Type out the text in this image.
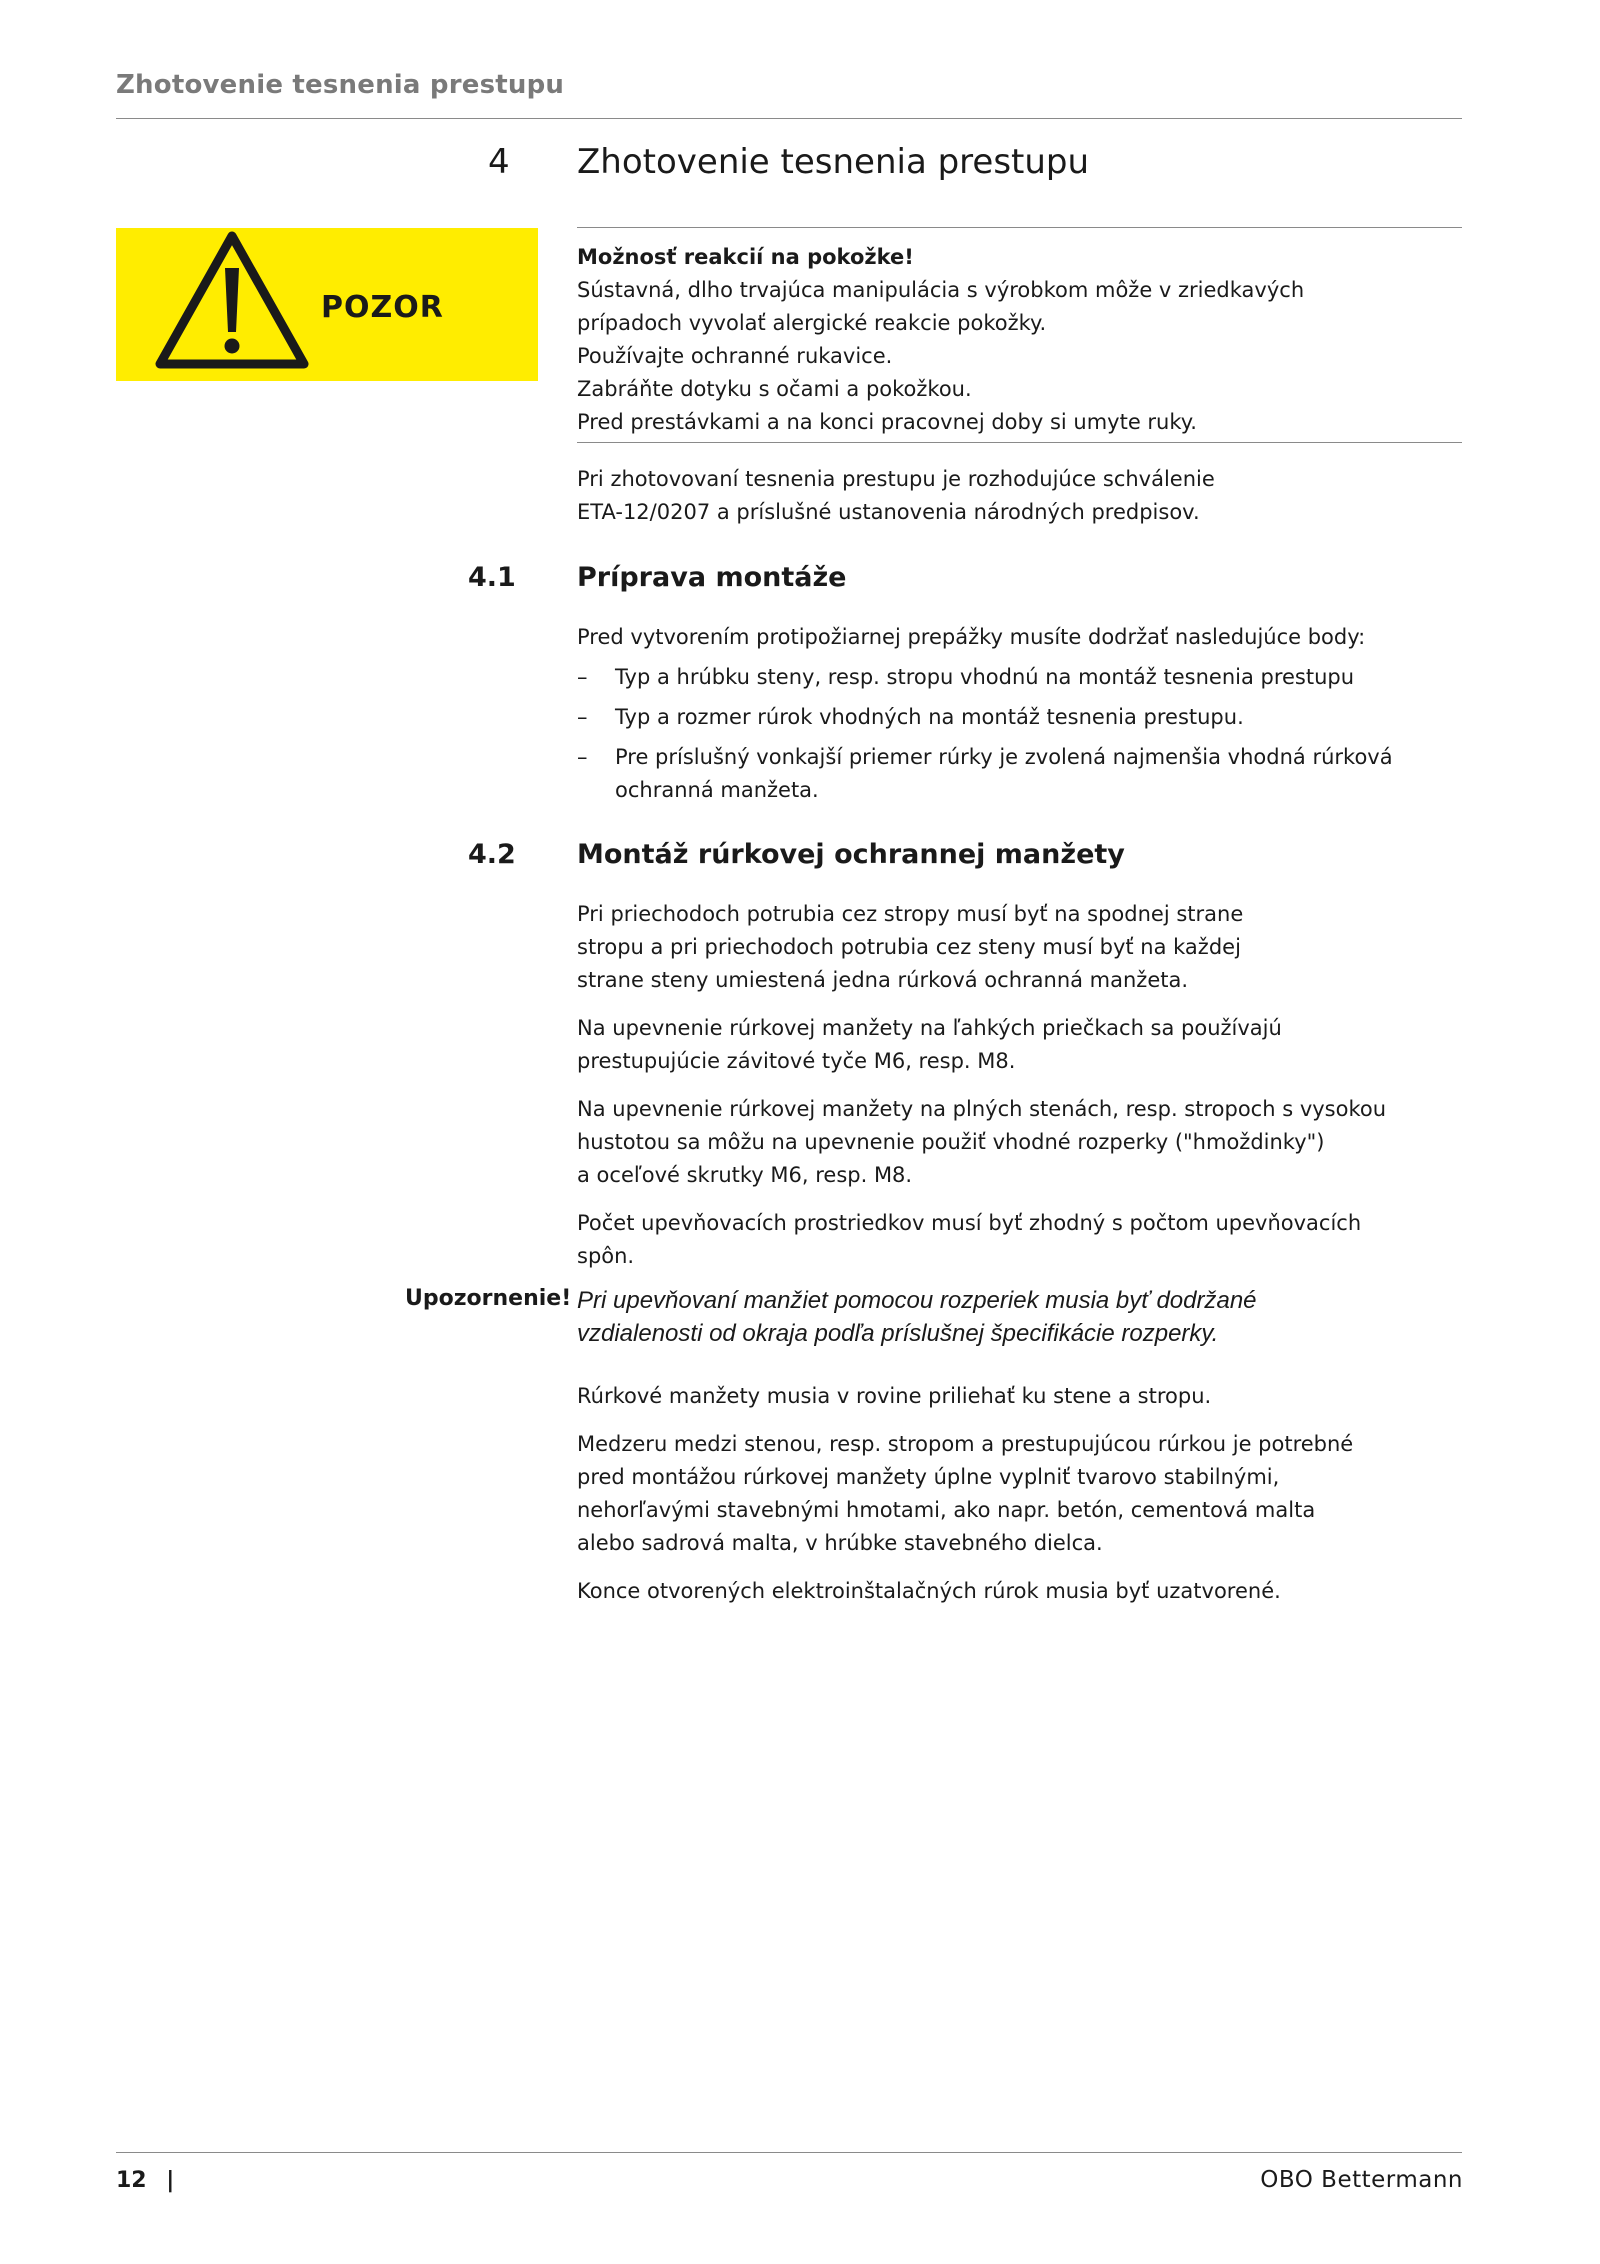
Zhotovenie tesnenia prestupu
4 Zhotovenie tesnenia prestupu
POZOR

Možnosť reakcií na pokožke!

Sústavná, dlho trvajúca manipulácia s výrobkom môže v zriedkavých

prípadoch vyvolať alergické reakcie pokožky.

Používajte ochranné rukavice.

Zabráňte dotyku s očami a pokožkou.

Pred prestávkami a na konci pracovnej doby si umyte ruky.

Pri zhotovovaní tesnenia prestupu je rozhodujúce schválenie

ETA-12/0207 a príslušné ustanovenia národných predpisov.

4.1 Príprava montáže

Pred vytvorením protipožiarnej prepážky musíte dodržať nasledujúce body:

– Typ a hrúbku steny, resp. stropu vhodnú na montáž tesnenia prestupu
– Typ a rozmer rúrok vhodných na montáž tesnenia prestupu.
– Pre príslušný vonkajší priemer rúrky je zvolená najmenšia vhodná rúrková ochranná manžeta.
4.2 Montáž rúrkovej ochrannej manžety

Pri priechodoch potrubia cez stropy musí byť na spodnej strane

stropu a pri priechodoch potrubia cez steny musí byť na každej

strane steny umiestená jedna rúrková ochranná manžeta.

Na upevnenie rúrkovej manžety na ľahkých priečkach sa používajú

prestupujúcie závitové tyče M6, resp. M8.

Na upevnenie rúrkovej manžety na plných stenách, resp. stropoch s vysokou

hustotou sa môžu na upevnenie použiť vhodné rozperky ("hmoždinky")

a oceľové skrutky M6, resp. M8.

Počet upevňovacích prostriedkov musí byť zhodný s počtom upevňovacích

spôn.

Upozornenie! Pri upevňovaní manžiet pomocou rozperiek musia byť dodržané
vzdialenosti od okraja podľa príslušnej špecifikácie rozperky.

Rúrkové manžety musia v rovine priliehať ku stene a stropu.

Medzeru medzi stenou, resp. stropom a prestupujúcou rúrkou je potrebné

pred montážou rúrkovej manžety úplne vyplniť tvarovo stabilnými,

nehorľavými stavebnými hmotami, ako napr. betón, cementová malta

alebo sadrová malta, v hrúbke stavebného dielca.

Konce otvorených elektroinštalačných rúrok musia byť uzatvorené.

12 |	OBO Bettermann
